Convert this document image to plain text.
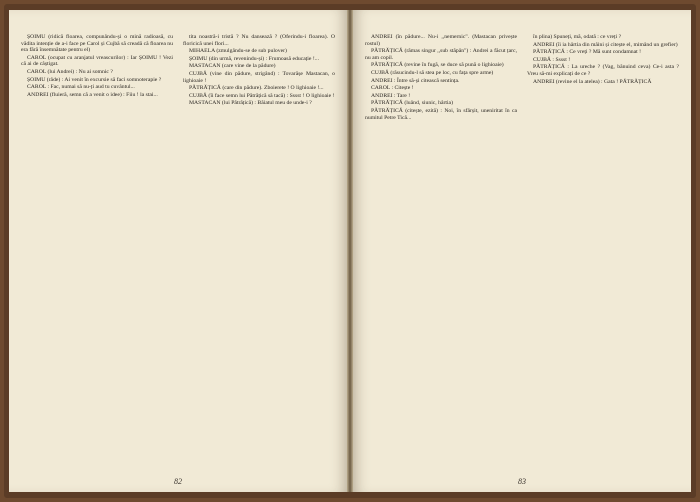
ȘOIMU (ridică floarea, compunându-și o mină radioasă, cu vădita intenție de a-i face pe Carol și Cujbă să creadă că floarea nu era fără însemnătate pentru el)

CAROL (ocupat cu aranjatul vreascurilor) : Iar ȘOIMU ! Vezi că ai de câștigat.

CAROL (lui Andrei) : Nu ai somnic ?

ȘOIMU (râde) : Ai venit în excursie să faci somnoterapie ?

CAROL : Fac, numai să nu-ți aud tu cuvântul...

ANDREI (fluieră, semn că a venit o idee) : Fiiu ! la stai...

tita noastră-i tristă ? Nu dansează ? (Oferindu-i floarea). O floricică unei flori...

MIHAELA (zmulgându-se de sub pulover)

ȘOIMU (din urmă, revenindu-și) : Frumoasă educație !...

MASTACAN (care vine de la pădure)

CUJBĂ (vine din pădure, strigând) : Tovarășe Mastacan, o lighioaie !

PĂTRĂȚICĂ (care din pădure). Zboierete ! O lighioaie !...

CUJBĂ (îi face semn lui Pătrățică să tacă) : Sssst ! O lighioaie !

MASTACAN (lui Pătrățică) : Băiatul meu de unde-i ?

82

ANDREI (în pădure... Nu-i ,,nemernic". (Mastacan privește rostul)

PĂTRĂȚICĂ (rămas singur ,,sub stăpân") : Andrei a făcut țarc, nu am copil.

PĂTRĂȚICĂ (revine în fugă, se duce să pună o lighioaie)

CUJBĂ (răsucindu-l să stea pe loc, cu fața spre arme)

ANDREI : Între să-și citească sentința.

CAROL : Citește !

ANDREI : Tare !

PĂTRĂȚICĂ (luând, siunic, hârtia)

PĂTRĂȚICĂ (citește, ezită) : Noi, în sfârșit, uneniritat în ca numitul Petre Tică...

în plina) Spuneți, mă, odată : ce vreți ?

ANDREI (îi ia hârtia din mâini și citește el, mimând un grefier)

PĂTRĂȚICĂ : Ce vreți ? Mă sunt condamnat !

CUJBĂ : Sssst !

PĂTRĂȚICĂ : La ureche ? (Vag, bănuind ceva) Ce-i asta ? Vreu să-mi explicați de ce ?

ANDREI (revine el la atelea) : Gata ! PĂTRĂȚICĂ

83
